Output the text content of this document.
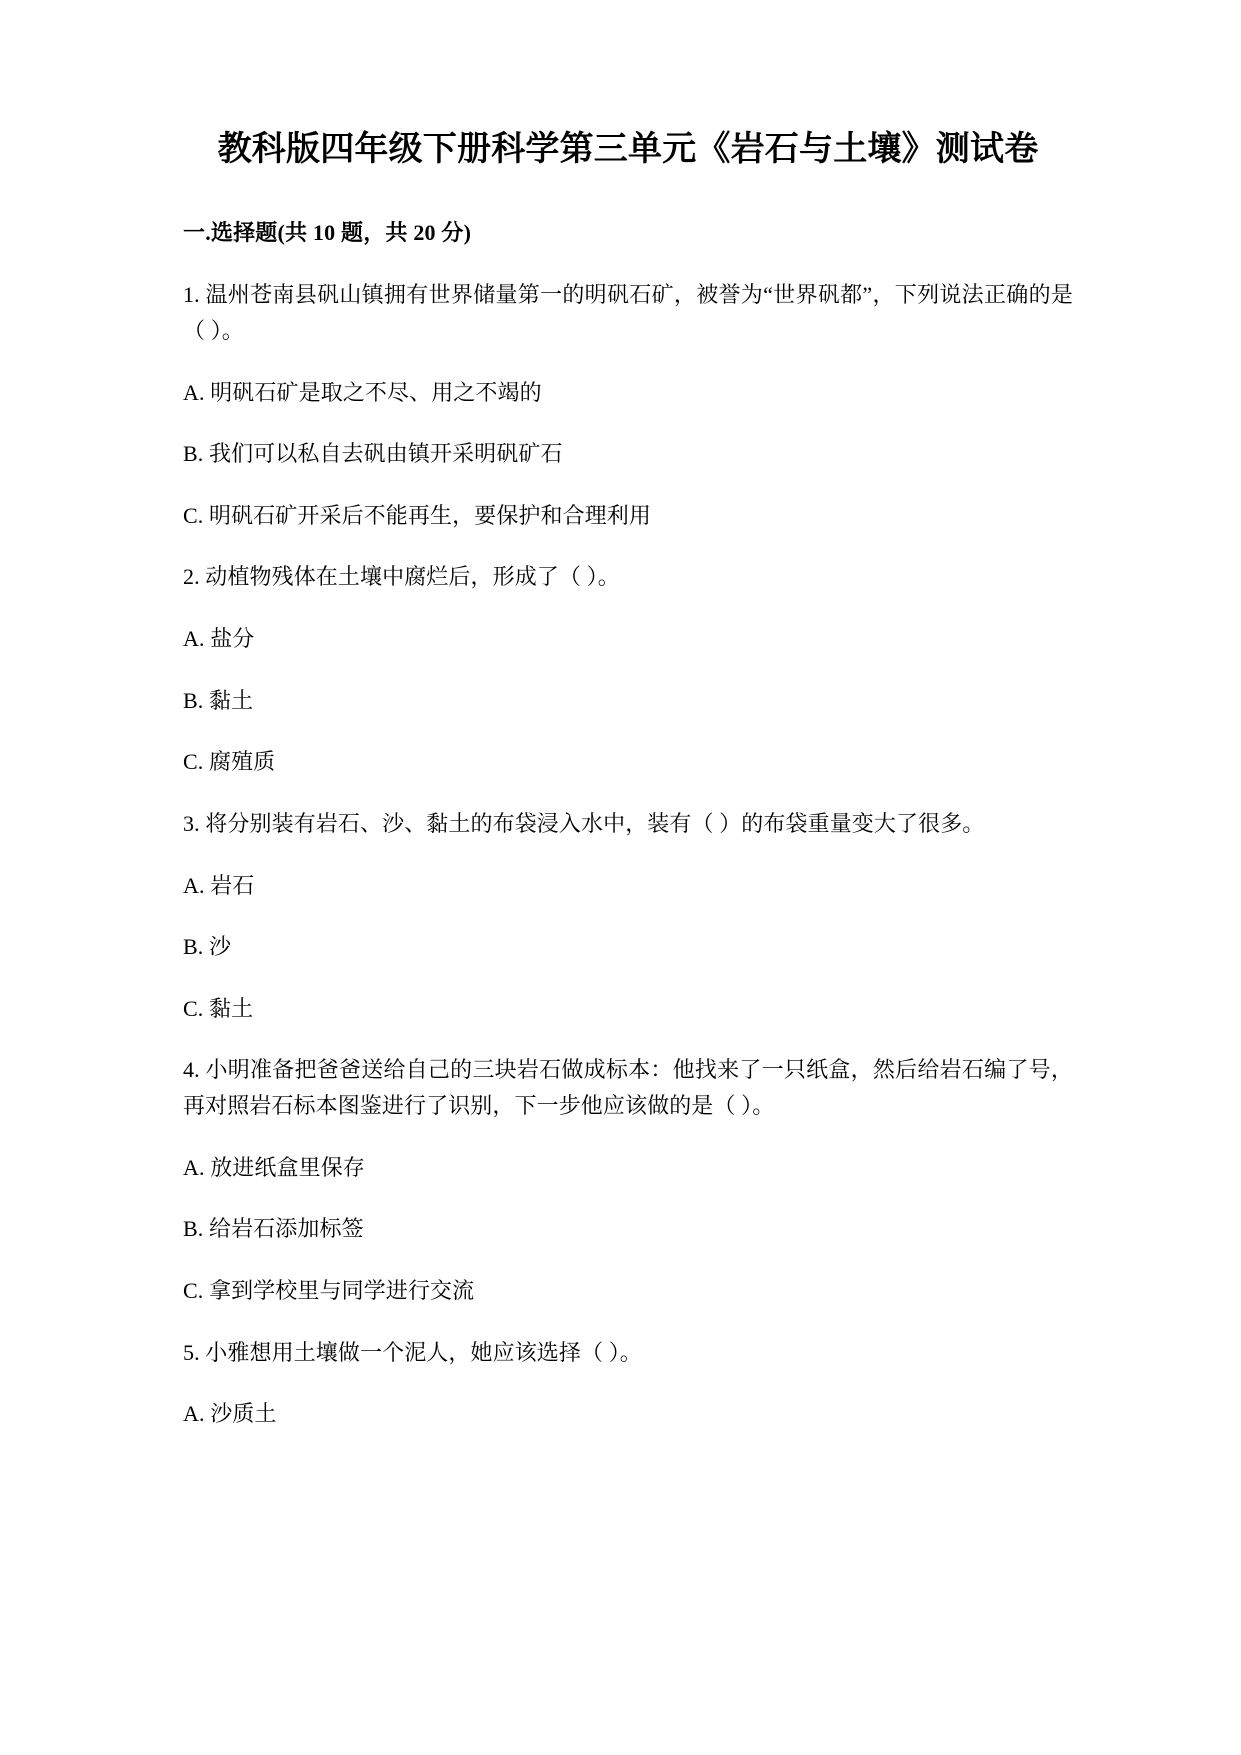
教科版四年级下册科学第三单元《岩石与土壤》测试卷
一.选择题(共 10 题，共 20 分)
1. 温州苍南县矾山镇拥有世界储量第一的明矾石矿，被誉为“世界矾都”，下列说法正确的是（ ）。
A. 明矾石矿是取之不尽、用之不竭的
B. 我们可以私自去矾由镇开采明矾矿石
C. 明矾石矿开采后不能再生，要保护和合理利用
2. 动植物残体在土壤中腐烂后，形成了（ ）。
A. 盐分
B. 黏土
C. 腐殖质
3. 将分别装有岩石、沙、黏土的布袋浸入水中，装有（ ）的布袋重量变大了很多。
A. 岩石
B. 沙
C. 黏土
4. 小明准备把爸爸送给自己的三块岩石做成标本：他找来了一只纸盒，然后给岩石编了号，再对照岩石标本图鉴进行了识别，下一步他应该做的是（ ）。
A. 放进纸盒里保存
B. 给岩石添加标签
C. 拿到学校里与同学进行交流
5. 小雅想用土壤做一个泥人，她应该选择（ ）。
A. 沙质土
